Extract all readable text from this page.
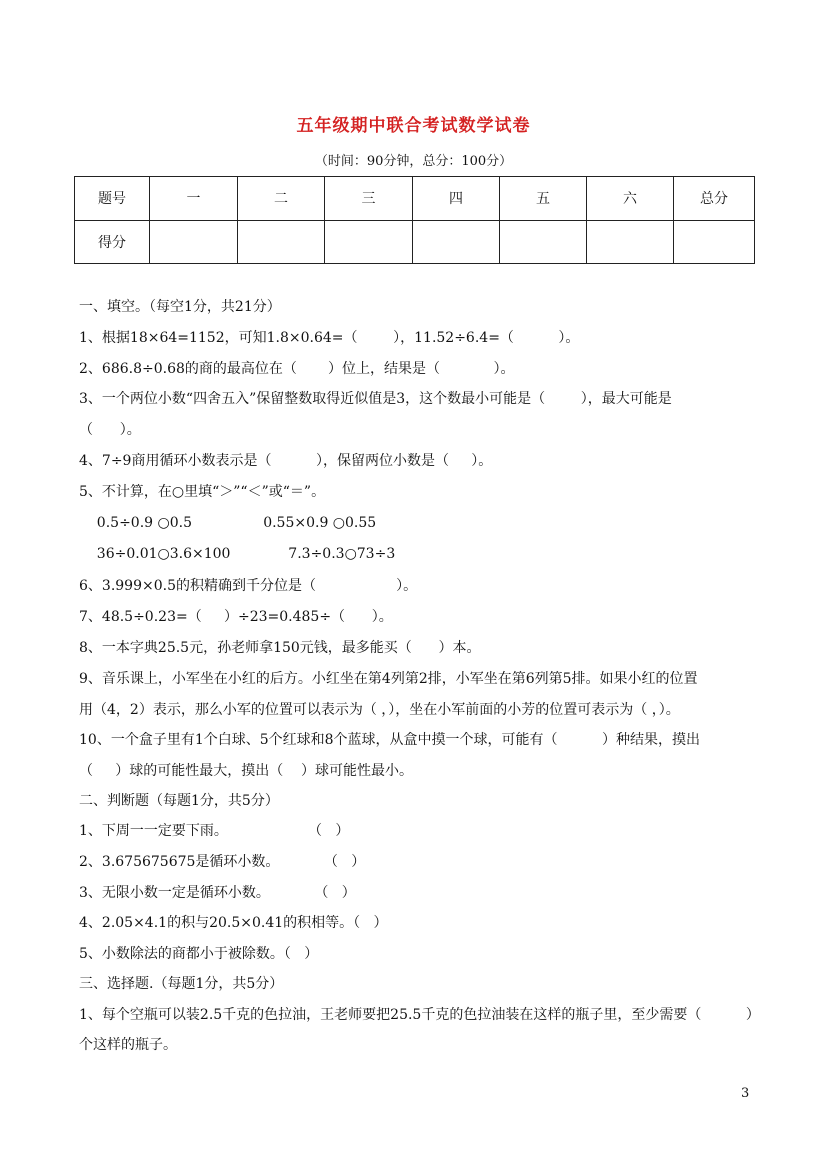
五年级期中联合考试数学试卷
（时间：90分钟，总分：100分）
题号	一	二	三	四	五	六	总分
得分							
一、填空。（每空1分，共21分）
1、根据18×64=1152，可知1.8×0.64=（        ），11.52÷6.4=（          ）。
2、686.8÷0.68的商的最高位在（       ）位上，结果是（            ）。
3、一个两位小数“四舍五入”保留整数取得近似值是3，这个数最小可能是（        ），最大可能是
（      ）。
4、7÷9商用循环小数表示是（          ），保留两位小数是（     ）。
5、不计算，在○里填“＞”“＜”或“＝”。
0.5÷0.9 ○0.5                0.55×0.9 ○0.55
36÷0.01○3.6×100             7.3÷0.3○73÷3
6、3.999×0.5的积精确到千分位是（                  ）。
7、48.5÷0.23=（     ）÷23=0.485÷（      ）。
8、一本字典25.5元，孙老师拿150元钱，最多能买（      ）本。
9、音乐课上，小军坐在小红的后方。小红坐在第4列第2排，小军坐在第6列第5排。如果小红的位置
用（4，2）表示，那么小军的位置可以表示为（ ，），坐在小军前面的小芳的位置可表示为（ ，）。
10、一个盒子里有1个白球、5个红球和8个蓝球，从盒中摸一个球，可能有（          ）种结果，摸出
（     ）球的可能性最大，摸出（    ）球可能性最小。
二、判断题（每题1分，共5分）
1、下周一一定要下雨。                  （   ）
2、3.675675675是循环小数。          （   ）
3、无限小数一定是循环小数。          （   ）
4、2.05×4.1的积与20.5×0.41的积相等。（   ）
5、小数除法的商都小于被除数。（   ）
三、选择题.（每题1分，共5分）
1、每个空瓶可以装2.5千克的色拉油，王老师要把25.5千克的色拉油装在这样的瓶子里，至少需要（          ）
个这样的瓶子。
3
